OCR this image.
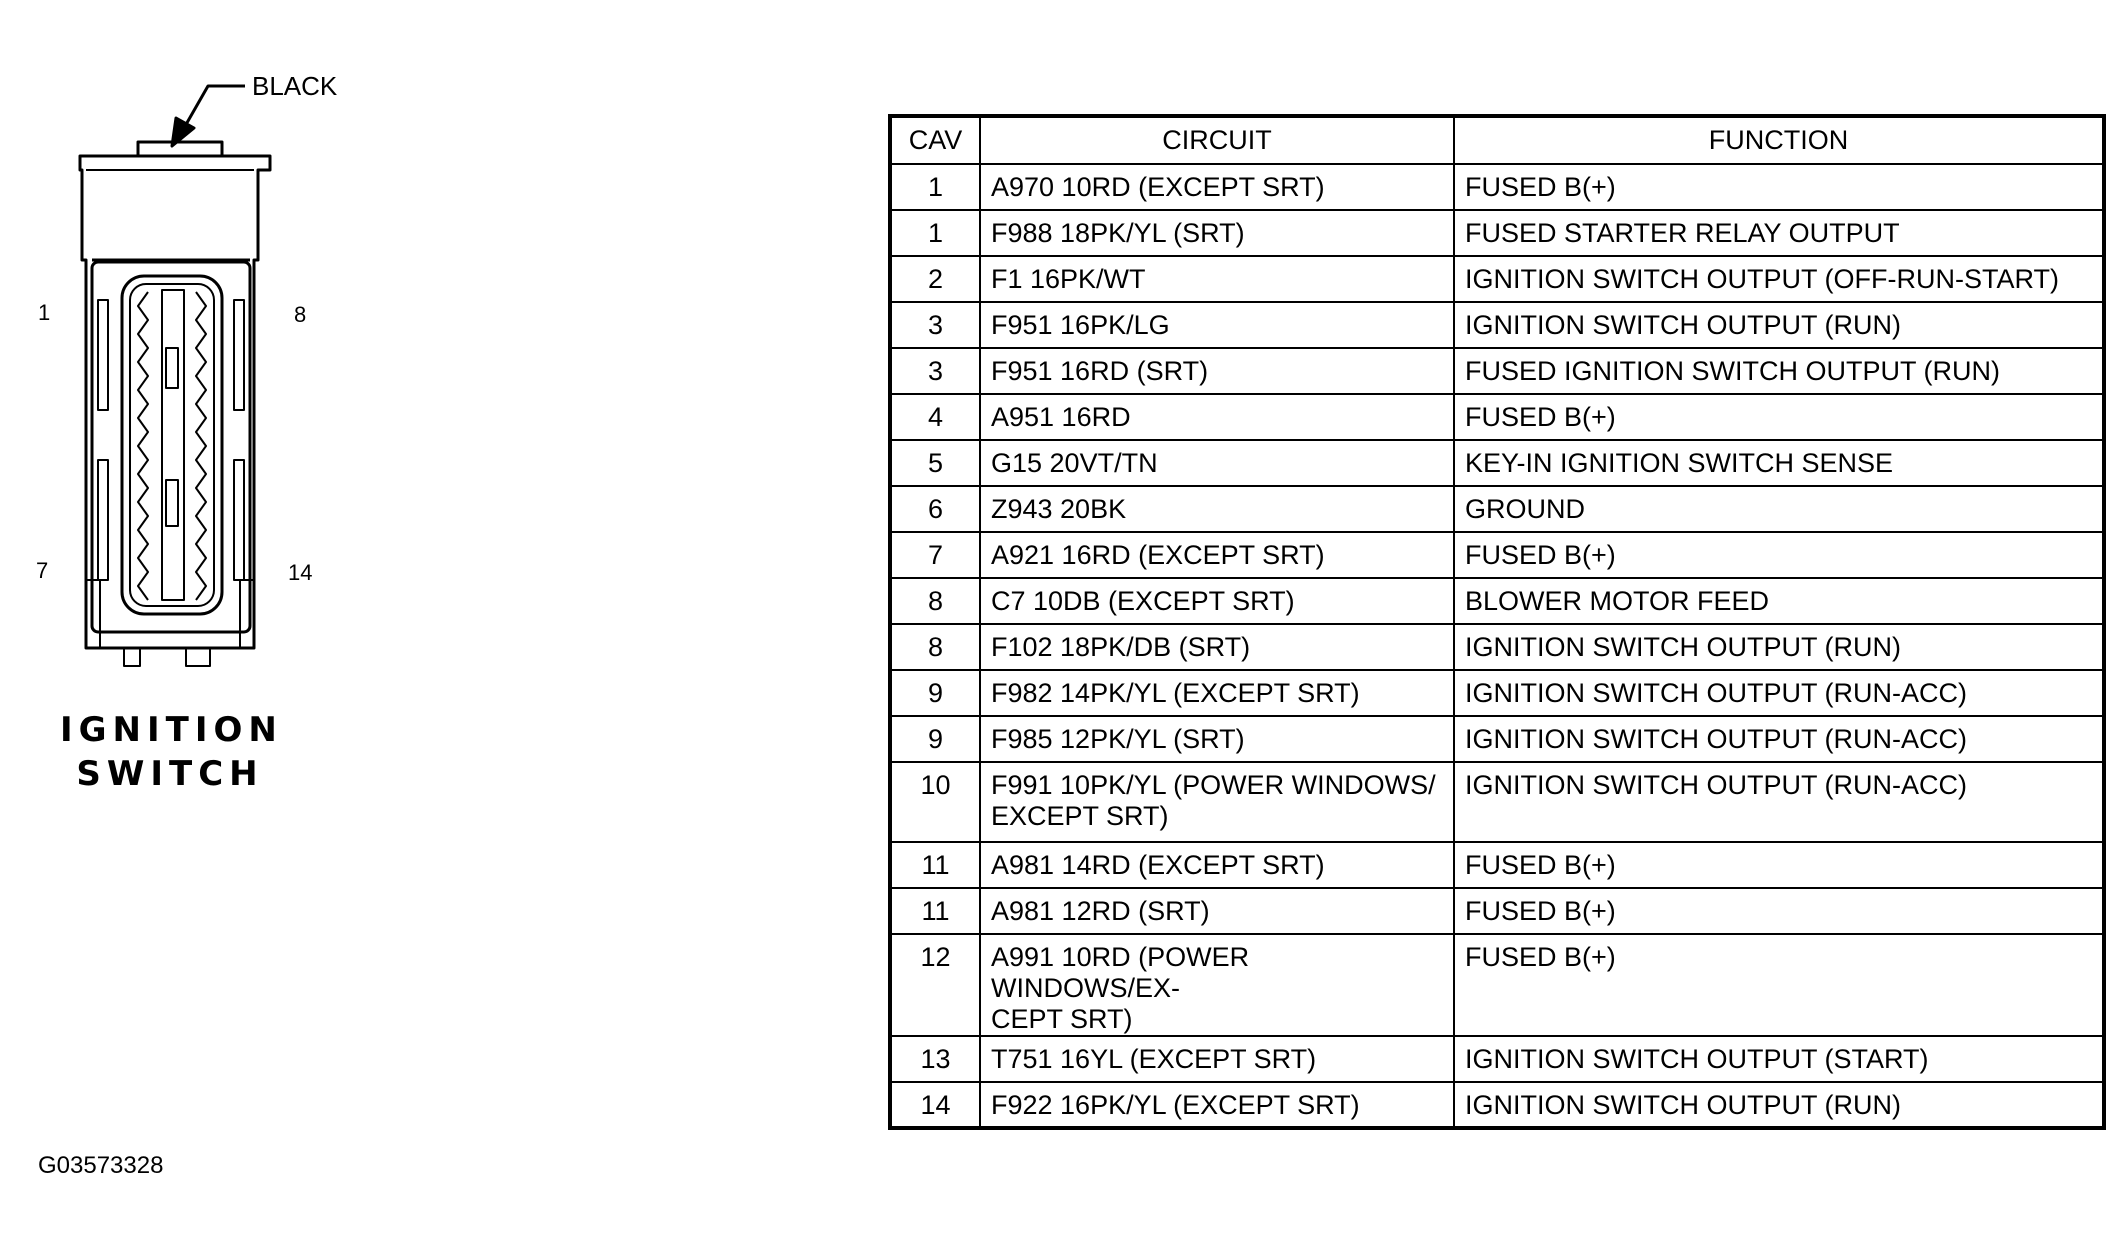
BLACK
1	8
7	14
IGNITION
SWITCH
G03573328
CAV	CIRCUIT	FUNCTION
1	A970 10RD (EXCEPT SRT)	FUSED B(+)
1	F988 18PK/YL (SRT)	FUSED STARTER RELAY OUTPUT
2	F1 16PK/WT	IGNITION SWITCH OUTPUT (OFF-RUN-START)
3	F951 16PK/LG	IGNITION SWITCH OUTPUT (RUN)
3	F951 16RD (SRT)	FUSED IGNITION SWITCH OUTPUT (RUN)
4	A951 16RD	FUSED B(+)
5	G15 20VT/TN	KEY-IN IGNITION SWITCH SENSE
6	Z943 20BK	GROUND
7	A921 16RD (EXCEPT SRT)	FUSED B(+)
8	C7 10DB (EXCEPT SRT)	BLOWER MOTOR FEED
8	F102 18PK/DB (SRT)	IGNITION SWITCH OUTPUT (RUN)
9	F982 14PK/YL (EXCEPT SRT)	IGNITION SWITCH OUTPUT (RUN-ACC)
9	F985 12PK/YL (SRT)	IGNITION SWITCH OUTPUT (RUN-ACC)
10	F991 10PK/YL (POWER WINDOWS/
EXCEPT SRT)	IGNITION SWITCH OUTPUT (RUN-ACC)
11	A981 14RD (EXCEPT SRT)	FUSED B(+)
11	A981 12RD (SRT)	FUSED B(+)
12	A991 10RD (POWER WINDOWS/EX-
CEPT SRT)	FUSED B(+)
13	T751 16YL (EXCEPT SRT)	IGNITION SWITCH OUTPUT (START)
14	F922 16PK/YL (EXCEPT SRT)	IGNITION SWITCH OUTPUT (RUN)
